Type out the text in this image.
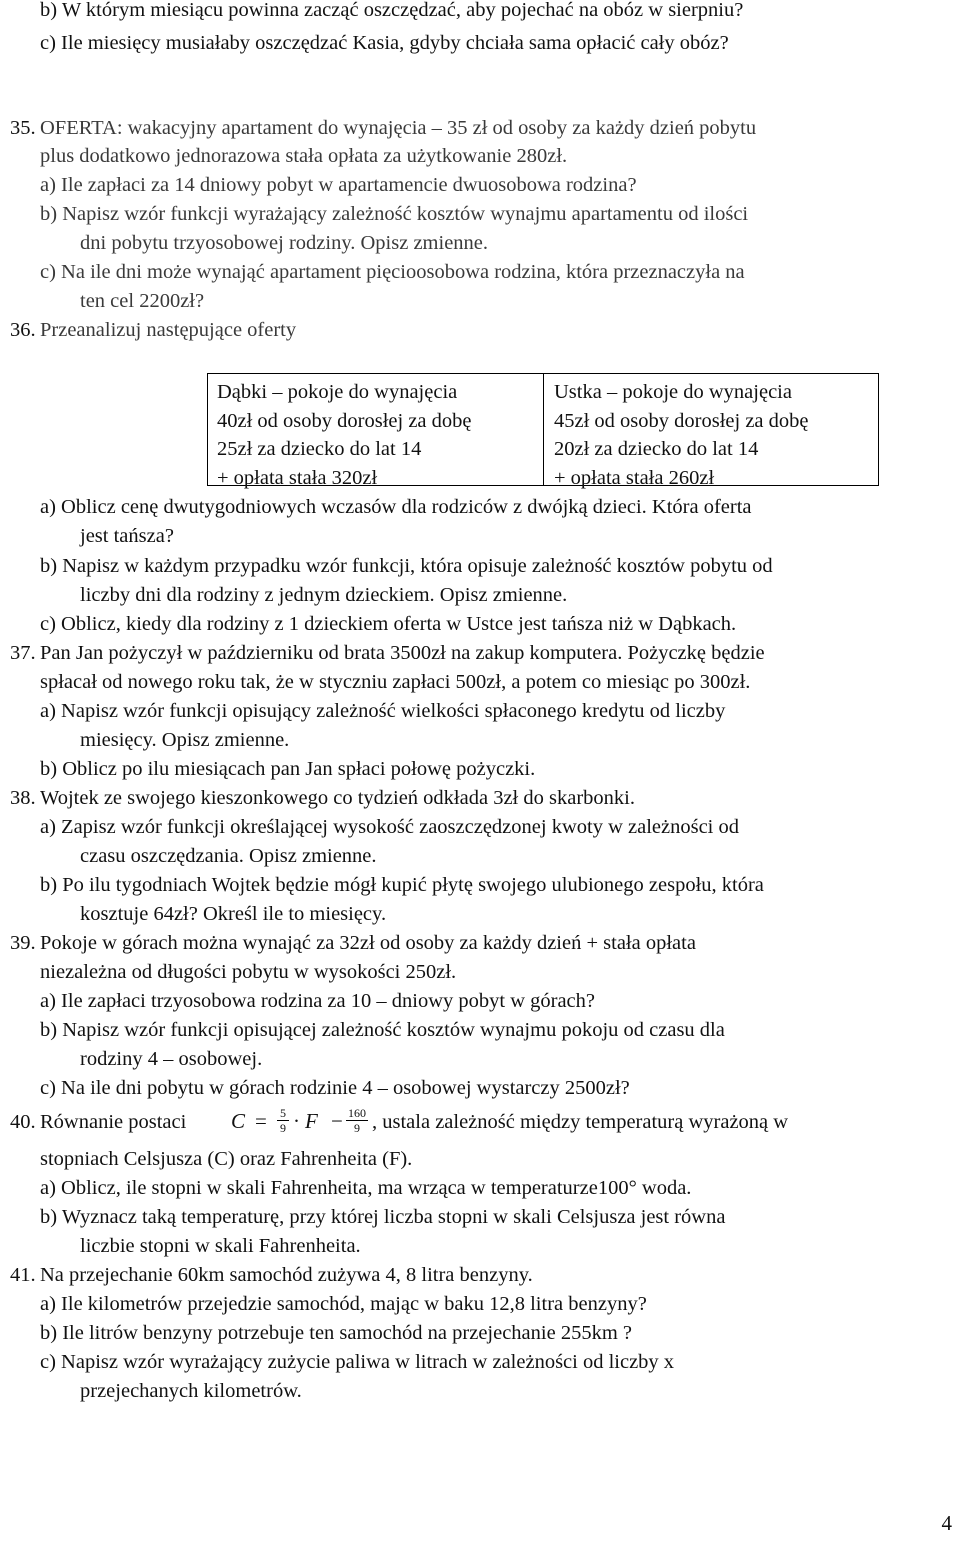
b) W którym miesiącu powinna zacząć oszczędzać, aby pojechać na obóz w sierpniu?
c) Ile miesięcy musiałaby oszczędzać Kasia, gdyby chciała sama opłacić cały obóz?
35. OFERTA: wakacyjny apartament do wynajęcia – 35 zł od osoby za każdy dzień pobytu
plus dodatkowo jednorazowa stała opłata za użytkowanie 280zł.
a) Ile zapłaci za 14 dniowy pobyt w apartamencie dwuosobowa rodzina?
b) Napisz wzór funkcji wyrażający zależność kosztów wynajmu apartamentu od ilości
dni pobytu trzyosobowej rodziny. Opisz zmienne.
c) Na ile dni może wynająć apartament pięcioosobowa rodzina, która przeznaczyła na
ten cel 2200zł?
36. Przeanalizuj następujące oferty
Dąbki – pokoje do wynajęcia
40zł od osoby dorosłej za dobę
25zł za dziecko do lat 14
+ opłata stała 320zł
Ustka – pokoje do wynajęcia
45zł od osoby dorosłej za dobę
20zł za dziecko do lat 14
+ opłata stała 260zł
a) Oblicz cenę dwutygodniowych wczasów dla rodziców z dwójką dzieci. Która oferta
jest tańsza?
b) Napisz w każdym przypadku wzór funkcji, która opisuje zależność kosztów pobytu od
liczby dni dla rodziny z jednym dzieckiem. Opisz zmienne.
c) Oblicz, kiedy dla rodziny z 1 dzieckiem oferta w Ustce jest tańsza niż w Dąbkach.
37. Pan Jan pożyczył w październiku od brata 3500zł na zakup komputera. Pożyczkę będzie
spłacał od nowego roku tak, że w styczniu zapłaci 500zł, a potem co miesiąc po 300zł.
a) Napisz wzór funkcji opisujący zależność wielkości spłaconego kredytu od liczby
miesięcy. Opisz zmienne.
b) Oblicz po ilu miesiącach pan Jan spłaci połowę pożyczki.
38. Wojtek ze swojego kieszonkowego co tydzień odkłada 3zł do skarbonki.
a) Zapisz wzór funkcji określającej wysokość zaoszczędzonej kwoty w zależności od
czasu oszczędzania. Opisz zmienne.
b) Po ilu tygodniach Wojtek będzie mógł kupić płytę swojego ulubionego zespołu, która
kosztuje 64zł? Określ ile to miesięcy.
39. Pokoje w górach można wynająć za 32zł od osoby za każdy dzień + stała opłata
niezależna od długości pobytu w wysokości 250zł.
a) Ile zapłaci trzyosobowa rodzina za 10 – dniowy pobyt w górach?
b) Napisz wzór funkcji opisującej zależność kosztów wynajmu pokoju od czasu dla
rodziny 4 – osobowej.
c) Na ile dni pobytu w górach rodzinie 4 – osobowej wystarczy 2500zł?
40. Równanie postaci C = 5
9 · F − 160
9 , ustala zależność między temperaturą wyrażoną w
stopniach Celsjusza (C) oraz Fahrenheita (F).
a) Oblicz, ile stopni w skali Fahrenheita, ma wrząca w temperaturze100° woda.
b) Wyznacz taką temperaturę, przy której liczba stopni w skali Celsjusza jest równa
liczbie stopni w skali Fahrenheita.
41. Na przejechanie 60km samochód zużywa 4, 8 litra benzyny.
a) Ile kilometrów przejedzie samochód, mając w baku 12,8 litra benzyny?
b) Ile litrów benzyny potrzebuje ten samochód na przejechanie 255km ?
c) Napisz wzór wyrażający zużycie paliwa w litrach w zależności od liczby x
przejechanych kilometrów.
4
